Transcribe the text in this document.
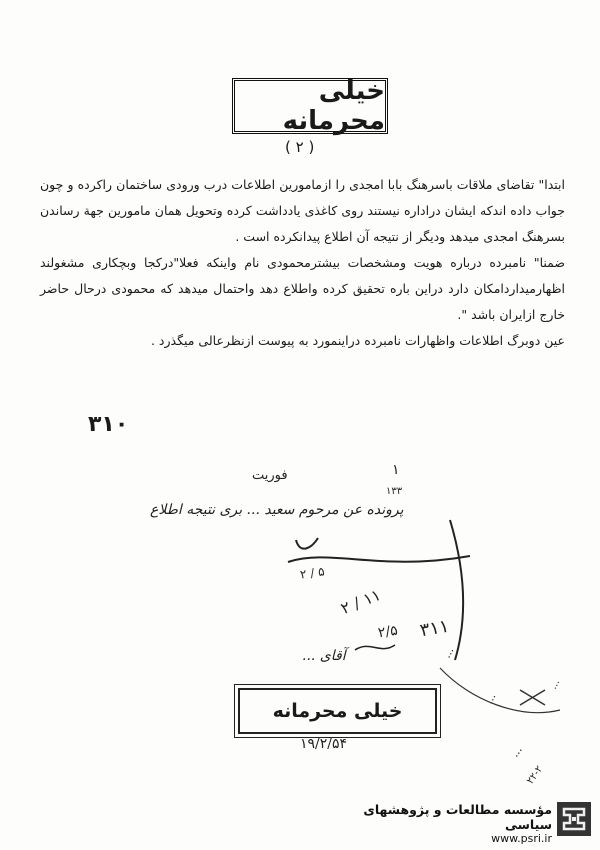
خیلی محرمانه
( ۲ )

ابتدا" تقاضای ملاقات باسرهنگ بابا امجدی را ازمامورین اطلاعات درب ورودی ساختمان راکرده و چون جواب داده اندکه ایشان دراداره نیستند روی کاغذی یادداشت کرده وتحویل همان مامورین جهة رساندن بسرهنگ امجدی میدهد ودیگر از نتیجه آن اطلاع پیدانکرده است .

ضمنا" نامبرده درباره هویت ومشخصات بیشترمحمودی نام واینکه فعلا"درکجا وبچکاری مشغولند اظهارمیداردامکان دارد دراین باره تحقیق کرده واطلاع دهد واحتمال میدهد که محمودی درحال حاضر خارج ازایران باشد ".

عین دوبرگ اطلاعات واظهارات نامبرده دراینمورد به پیوست ازنظرعالی میگذرد .

۳۱۰
فوریت	۱
۱۳۳
پرونده عن مرحوم سعید ... بری نتیجه اطلاع
۵ / ۲
۱۱ / ۲
۲/۵ ۳۱۱
آقای ...
۱۹/۲/۵۴
...
...
...
...
۲۲-۲
خیلی محرمانه
مؤسسه مطالعات و پژوهشهای سیاسی
www.psri.ir
